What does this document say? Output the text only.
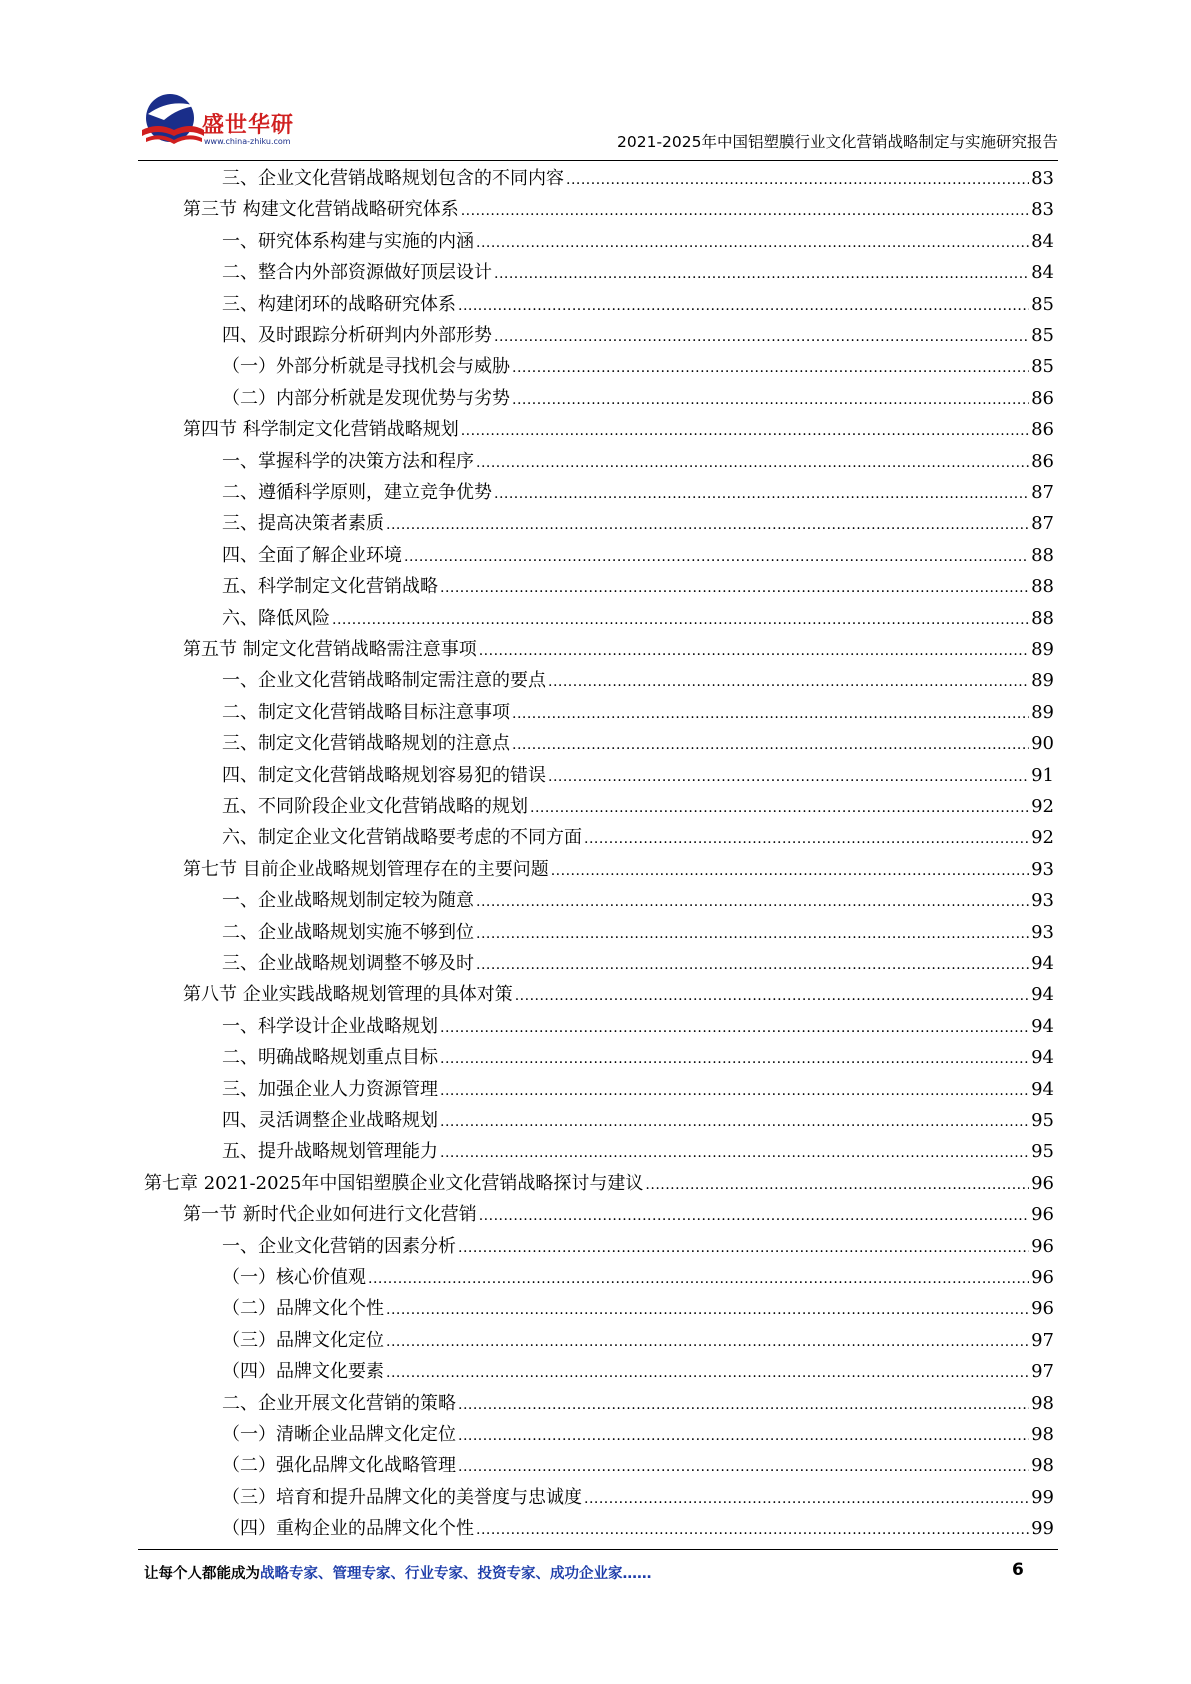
盛世华研
www.china-zhiku.com	2021-2025年中国铝塑膜行业文化营销战略制定与实施研究报告
三、企业文化营销战略规划包含的不同内容 .....	83
第三节 构建文化营销战略研究体系 .....	83
一、研究体系构建与实施的内涵 .....	84
二、整合内外部资源做好顶层设计 .....	84
三、构建闭环的战略研究体系 .....	85
四、及时跟踪分析研判内外部形势 .....	85
（一）外部分析就是寻找机会与威胁 .....	85
（二）内部分析就是发现优势与劣势 .....	86
第四节 科学制定文化营销战略规划 .....	86
一、掌握科学的决策方法和程序 .....	86
二、遵循科学原则，建立竞争优势 .....	87
三、提高决策者素质 .....	87
四、全面了解企业环境 .....	88
五、科学制定文化营销战略 .....	88
六、降低风险 .....	88
第五节 制定文化营销战略需注意事项 .....	89
一、企业文化营销战略制定需注意的要点 .....	89
二、制定文化营销战略目标注意事项 .....	89
三、制定文化营销战略规划的注意点 .....	90
四、制定文化营销战略规划容易犯的错误 .....	91
五、不同阶段企业文化营销战略的规划 .....	92
六、制定企业文化营销战略要考虑的不同方面 .....	92
第七节 目前企业战略规划管理存在的主要问题 .....	93
一、企业战略规划制定较为随意 .....	93
二、企业战略规划实施不够到位 .....	93
三、企业战略规划调整不够及时 .....	94
第八节 企业实践战略规划管理的具体对策 .....	94
一、科学设计企业战略规划 .....	94
二、明确战略规划重点目标 .....	94
三、加强企业人力资源管理 .....	94
四、灵活调整企业战略规划 .....	95
五、提升战略规划管理能力 .....	95
第七章 2021-2025年中国铝塑膜企业文化营销战略探讨与建议 .....	96
第一节 新时代企业如何进行文化营销 .....	96
一、企业文化营销的因素分析 .....	96
（一）核心价值观 .....	96
（二）品牌文化个性 .....	96
（三）品牌文化定位 .....	97
（四）品牌文化要素 .....	97
二、企业开展文化营销的策略 .....	98
（一）清晰企业品牌文化定位 .....	98
（二）强化品牌文化战略管理 .....	98
（三）培育和提升品牌文化的美誉度与忠诚度 .....	99
（四）重构企业的品牌文化个性 .....	99
让每个人都能成为战略专家、管理专家、行业专家、投资专家、成功企业家……	6
